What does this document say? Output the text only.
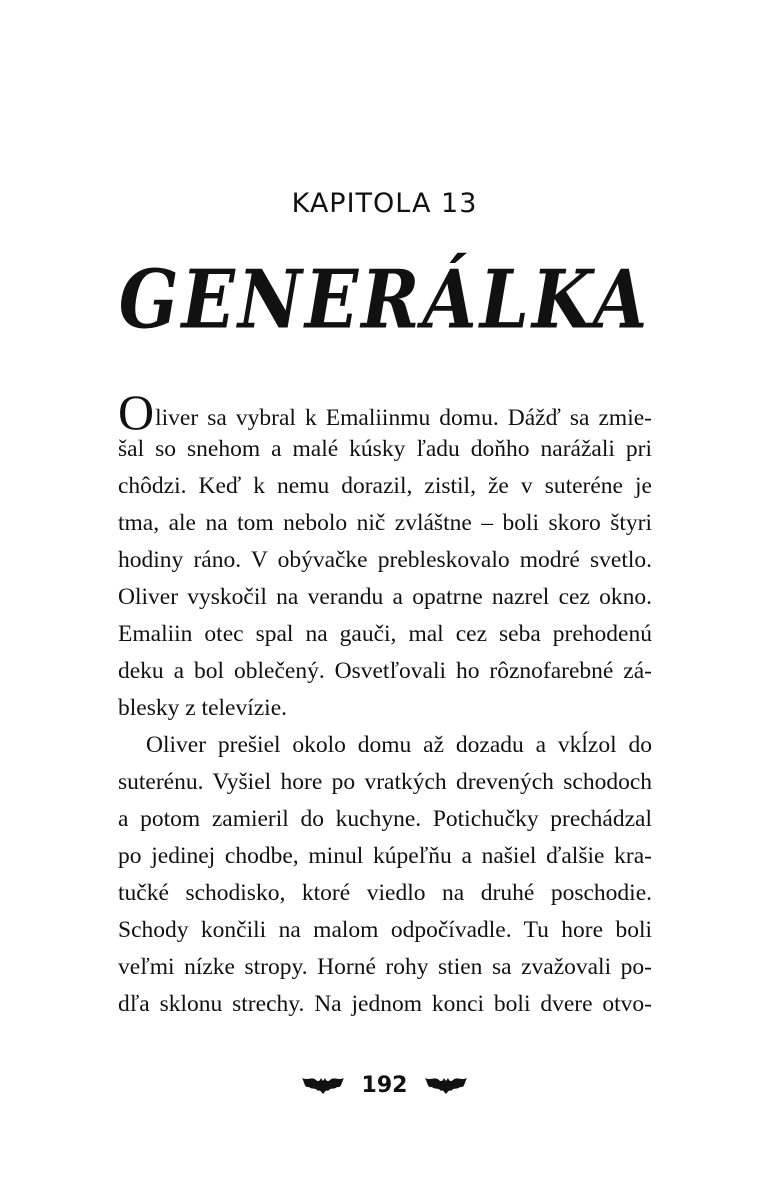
KAPITOLA 13
GENERÁLKA
Oliver sa vybral k Emaliinmu domu. Dážď sa zmie-
šal so snehom a malé kúsky ľadu doňho narážali pri
chôdzi. Keď k nemu dorazil, zistil, že v suteréne je
tma, ale na tom nebolo nič zvláštne – boli skoro štyri
hodiny ráno. V obývačke prebleskovalo modré svetlo.
Oliver vyskočil na verandu a opatrne nazrel cez okno.
Emaliin otec spal na gauči, mal cez seba prehodenú
deku a bol oblečený. Osvetľovali ho rôznofarebné zá-
blesky z televízie.
Oliver prešiel okolo domu až dozadu a vkĺzol do
suterénu. Vyšiel hore po vratkých drevených schodoch
a potom zamieril do kuchyne. Potichučky prechádzal
po jedinej chodbe, minul kúpeľňu a našiel ďalšie kra-
tučké schodisko, ktoré viedlo na druhé poschodie.
Schody končili na malom odpočívadle. Tu hore boli
veľmi nízke stropy. Horné rohy stien sa zvažovali po-
dľa sklonu strechy. Na jednom konci boli dvere otvo-
192
